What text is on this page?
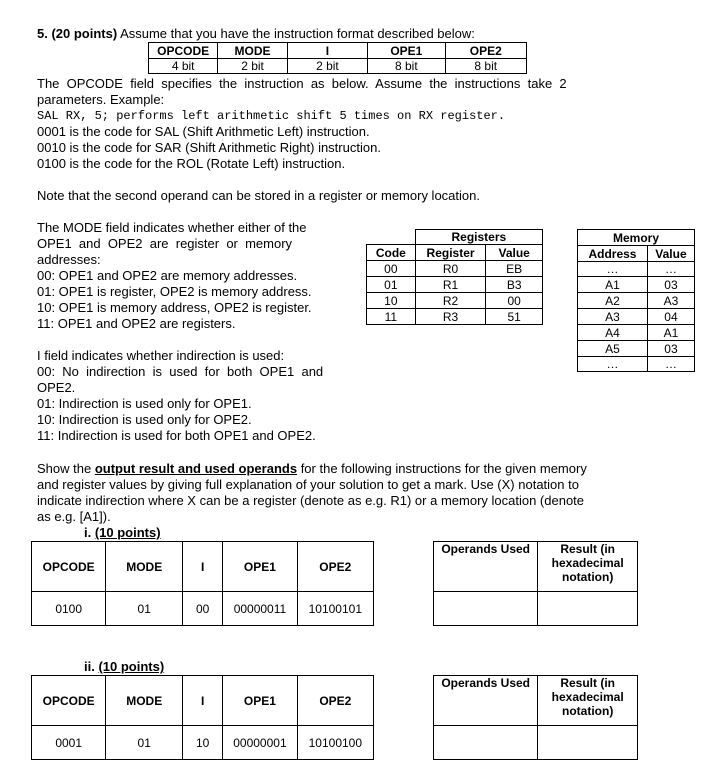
5. (20 points) Assume that you have the instruction format described below:
OPCODE	MODE	I	OPE1	OPE2
4 bit	2 bit	2 bit	8 bit	8 bit
The  OPCODE  field  specifies  the  instruction  as  below.  Assume  the  instructions  take  2
parameters. Example:
SAL RX, 5; performs left arithmetic shift 5 times on RX register.
0001 is the code for SAL (Shift Arithmetic Left) instruction.
0010 is the code for SAR (Shift Arithmetic Right) instruction.
0100 is the code for the ROL (Rotate Left) instruction.
Note that the second operand can be stored in a register or memory location.
The MODE field indicates whether either of the
OPE1  and  OPE2  are  register  or  memory
addresses:
00: OPE1 and OPE2 are memory addresses.
01: OPE1 is register, OPE2 is memory address.
10: OPE1 is memory address, OPE2 is register.
11: OPE1 and OPE2 are registers.
I field indicates whether indirection is used:
00:  No  indirection  is  used  for  both  OPE1  and
OPE2.
01: Indirection is used only for OPE1.
10: Indirection is used only for OPE2.
11: Indirection is used for both OPE1 and OPE2.
	Registers		
Code	Register	Value	
00	R0	EB	
01	R1	B3	
10	R2	00	
11	R3	51	
Memory	
Address	Value
…	…
A1	03
A2	A3
A3	04
A4	A1
A5	03
…	…
Show the output result and used operands for the following instructions for the given memory
and register values by giving full explanation of your solution to get a mark. Use (X) notation to
indicate indirection where X can be a register (denote as e.g. R1) or a memory location (denote
as e.g. [A1]).
i. (10 points)
OPCODE	MODE	I	OPE1	OPE2
0100	01	00	00000011	10100101
Operands Used	Result (in hexadecimal notation)

ii. (10 points)
OPCODE	MODE	I	OPE1	OPE2
0001	01	10	00000001	10100100
Operands Used	Result (in hexadecimal notation)
